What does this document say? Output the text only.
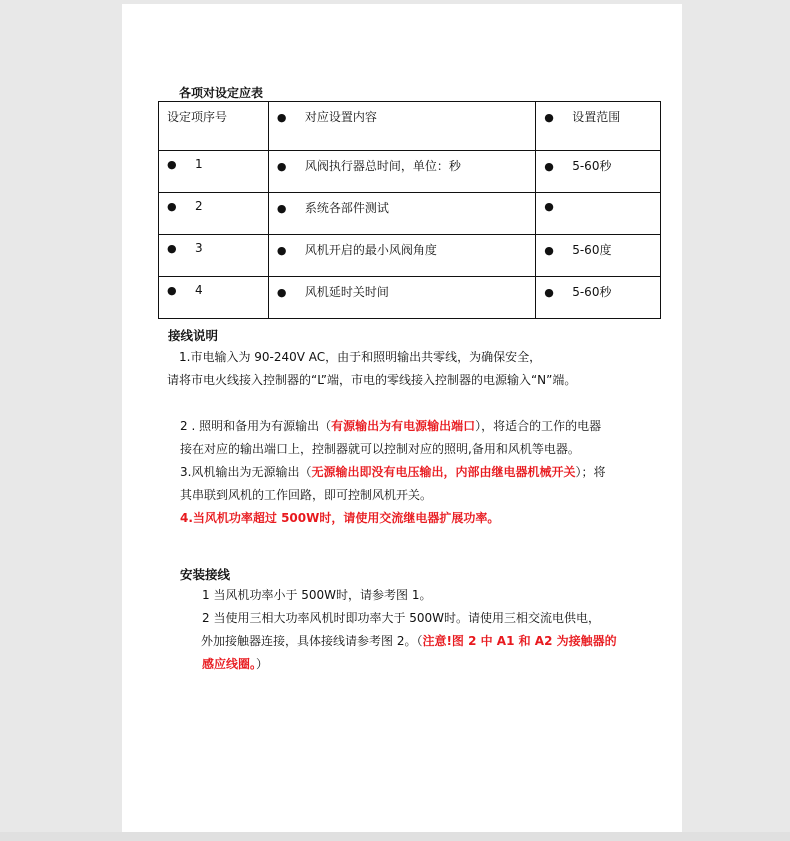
各项对设定应表
设定项序号	● 对应设置内容	● 设置范围
● 1	● 风阀执行器总时间，单位：秒	● 5-60秒
● 2	● 系统各部件测试	●
● 3	● 风机开启的最小风阀角度	● 5-60度
● 4	● 风机延时关时间	● 5-60秒
接线说明
1.市电输入为 90-240V AC，由于和照明输出共零线，为确保安全，
请将市电火线接入控制器的“L”端，市电的零线接入控制器的电源输入“N”端。
2 . 照明和备用为有源输出（有源输出为有电源输出端口），将适合的工作的电器
接在对应的输出端口上，控制器就可以控制对应的照明,备用和风机等电器。
3.风机输出为无源输出（无源输出即没有电压输出，内部由继电器机械开关）；将
其串联到风机的工作回路，即可控制风机开关。
4.当风机功率超过 500W时，请使用交流继电器扩展功率。
安装接线
1 当风机功率小于 500W时，请参考图 1。
2 当使用三相大功率风机时即功率大于 500W时。请使用三相交流电供电，
外加接触器连接，具体接线请参考图 2。（注意!图 2 中 A1 和 A2 为接触器的
感应线圈。）
